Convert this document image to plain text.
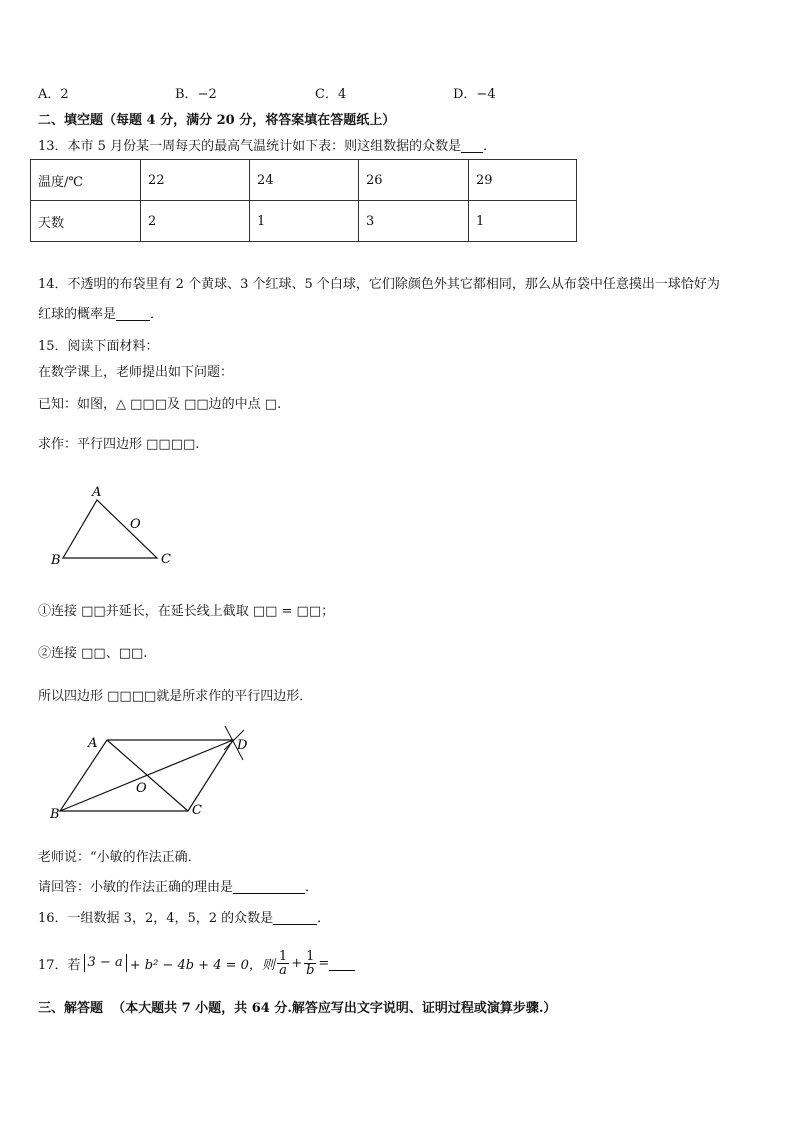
A．2	B．−2	C．4	D．−4
二、填空题（每题 4 分，满分 20 分，将答案填在答题纸上）
13．本市 5 月份某一周每天的最高气温统计如下表：则这组数据的众数是 ．
温度/℃	22	24	26	29
天数	2	1	3	1
14．不透明的布袋里有 2 个黄球、3 个红球、5 个白球，它们除颜色外其它都相同，那么从布袋中任意摸出一球恰好为
红球的概率是	．
15．阅读下面材料：
在数学课上，老师提出如下问题：
已知：如图，△ □□□及 □□边的中点 □.
求作：平行四边形 □□□□.
A
B	C
O
①连接 □□并延长，在延长线上截取 □□ = □□；
②连接 □□、□□.
所以四边形 □□□□就是所求作的平行四边形．
A
B	C
D
O
老师说：“小敏的作法正确．
请回答：小敏的作法正确的理由是	．
16．一组数据 3，2，4，5，2 的众数是	．
17．若 3 − a + b² − 4b + 4 = 0，则 $\frac{1}{a} + \frac{1}{b}$ =
三、解答题 （本大题共 7 小题，共 64 分.解答应写出文字说明、证明过程或演算步骤.）
